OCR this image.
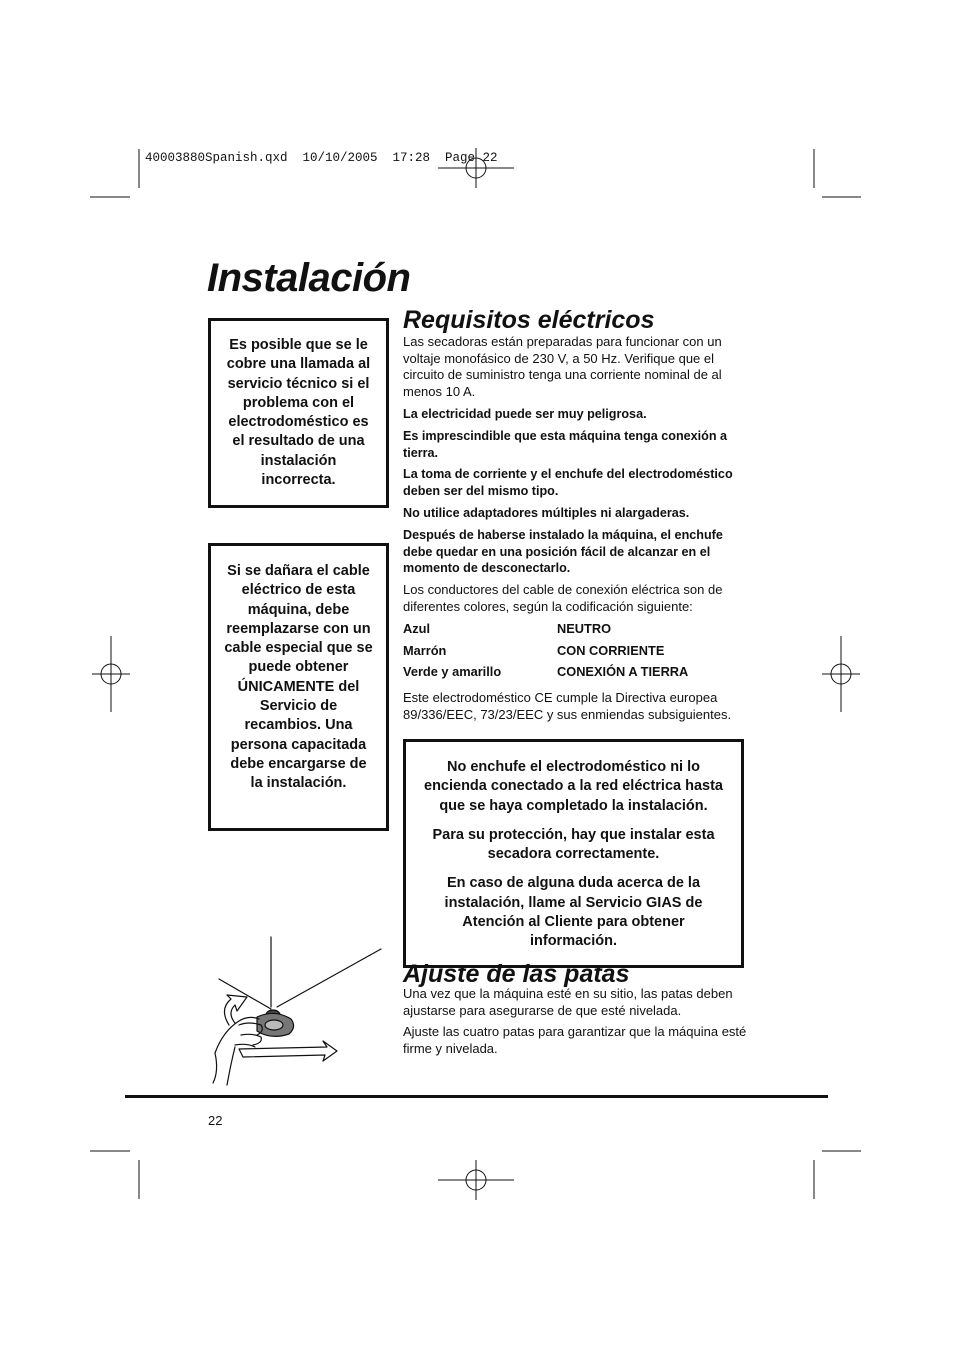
40003880Spanish.qxd  10/10/2005  17:28  Page 22
Instalación

Es posible que se le cobre una llamada al servicio técnico si el problema con el electrodoméstico es el resultado de una instalación incorrecta.

Si se dañara el cable eléctrico de esta máquina, debe reemplazarse con un cable especial que se puede obtener ÚNICAMENTE del Servicio de recambios. Una persona capacitada debe encargarse de la instalación.

Requisitos eléctricos

Las secadoras están preparadas para funcionar con un voltaje monofásico de 230 V, a 50 Hz. Verifique que el circuito de suministro tenga una corriente nominal de al menos 10 A.

La electricidad puede ser muy peligrosa.

Es imprescindible que esta máquina tenga conexión a tierra.

La toma de corriente y el enchufe del electrodoméstico deben ser del mismo tipo.

No utilice adaptadores múltiples ni alargaderas.

Después de haberse instalado la máquina, el enchufe debe quedar en una posición fácil de alcanzar en el momento de desconectarlo.

Los conductores del cable de conexión eléctrica son de diferentes colores, según la codificación siguiente:

Azul	NEUTRO
Marrón	CON CORRIENTE
Verde y amarillo	CONEXIÓN A TIERRA

Este electrodoméstico CE cumple la Directiva europea 89/336/EEC, 73/23/EEC y sus enmiendas subsiguientes.

No enchufe el electrodoméstico ni lo encienda conectado a la red eléctrica hasta que se haya completado la instalación.

Para su protección, hay que instalar esta secadora correctamente.

En caso de alguna duda acerca de la instalación, llame al Servicio GIAS de Atención al Cliente para obtener información.

Ajuste de las patas

Una vez que la máquina esté en su sitio, las patas deben ajustarse para asegurarse de que esté nivelada.

Ajuste las cuatro patas para garantizar que la máquina esté firme y nivelada.

22
